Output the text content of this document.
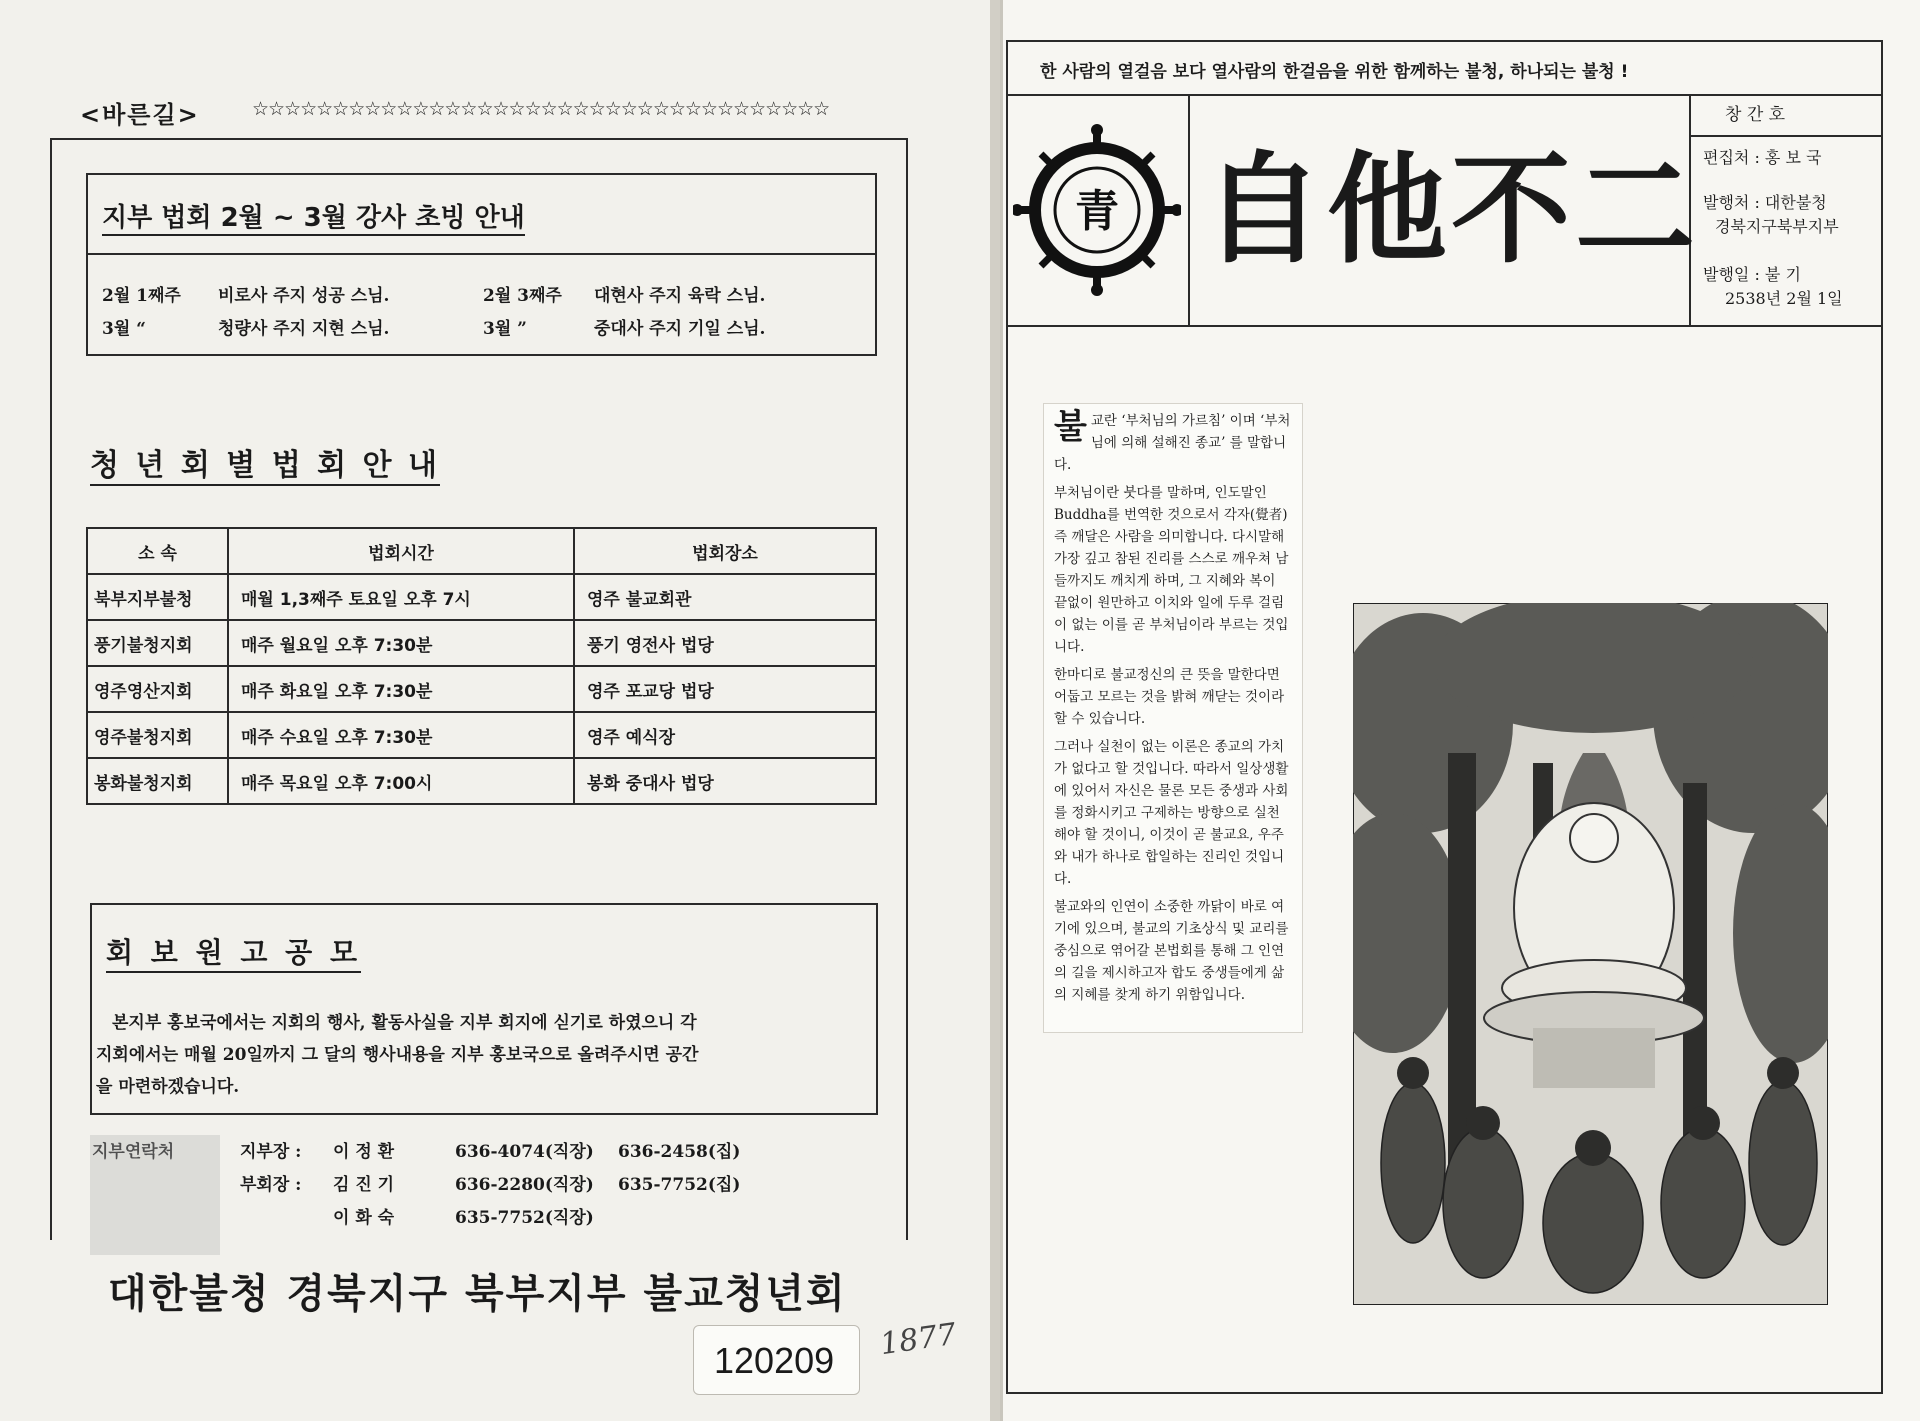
<바른길>	☆☆☆☆☆☆☆☆☆☆☆☆☆☆☆☆☆☆☆☆☆☆☆☆☆☆☆☆☆☆☆☆☆☆☆☆
지부 법회 2월 ~ 3월 강사 초빙 안내
2월 1째주 비로사 주지 성공 스님.	2월 3째주 대현사 주지 육락 스님.
3월 “	청량사 주지 지현 스님.	3월 ”	중대사 주지 기일 스님.
청 년 회 별 법 회 안 내
소 속	법회시간	법회장소
북부지부불청	매월 1,3째주 토요일 오후 7시	영주 불교회관
풍기불청지회	매주 월요일 오후 7:30분	풍기 영전사 법당
영주영산지회	매주 화요일 오후 7:30분	영주 포교당 법당
영주불청지회	매주 수요일 오후 7:30분	영주 예식장
봉화불청지회	매주 목요일 오후 7:00시	봉화 중대사 법당
회 보 원 고 공 모
본지부 홍보국에서는 지회의 행사, 활동사실을 지부 회지에 싣기로 하였으니 각
지회에서는 매월 20일까지 그 달의 행사내용을 지부 홍보국으로 올려주시면 공간
을 마련하겠습니다.
지부연락처	지부장 : 이 정 환	636-4074(직장) 636-2458(집)
부회장 : 김 진 기	636-2280(직장) 635-7752(집)
이 화 숙	635-7752(직장)
대한불청 경북지구 북부지부 불교청년회
120209 1877
한 사람의 열걸음 보다 열사람의 한걸음을 위한 함께하는 불청, 하나되는 불청 !
青 自他不二
창 간 호
편집처 : 홍 보 국
발행처 : 대한불청
경북지구북부지부
발행일 : 불 기
2538년 2월 1일

불교란 ‘부처님의 가르침’ 이며 ‘부처님에 의해 설해진 종교’ 를 말합니다.

부처님이란 붓다를 말하며, 인도말인 Buddha를 번역한 것으로서 각자(覺者) 즉 깨달은 사람을 의미합니다. 다시말해 가장 깊고 참된 진리를 스스로 깨우쳐 남들까지도 깨치게 하며, 그 지혜와 복이 끝없이 원만하고 이치와 일에 두루 걸림이 없는 이를 곧 부처님이라 부르는 것입니다.

한마디로 불교정신의 큰 뜻을 말한다면 어둡고 모르는 것을 밝혀 깨닫는 것이라 할 수 있습니다.

그러나 실천이 없는 이론은 종교의 가치가 없다고 할 것입니다. 따라서 일상생활에 있어서 자신은 물론 모든 중생과 사회를 정화시키고 구제하는 방향으로 실천해야 할 것이니, 이것이 곧 불교요, 우주와 내가 하나로 합일하는 진리인 것입니다.

불교와의 인연이 소중한 까닭이 바로 여기에 있으며, 불교의 기초상식 및 교리를 중심으로 엮어갈 본법회를 통해 그 인연의 길을 제시하고자 합도 중생들에게 삶의 지혜를 찾게 하기 위함입니다.
